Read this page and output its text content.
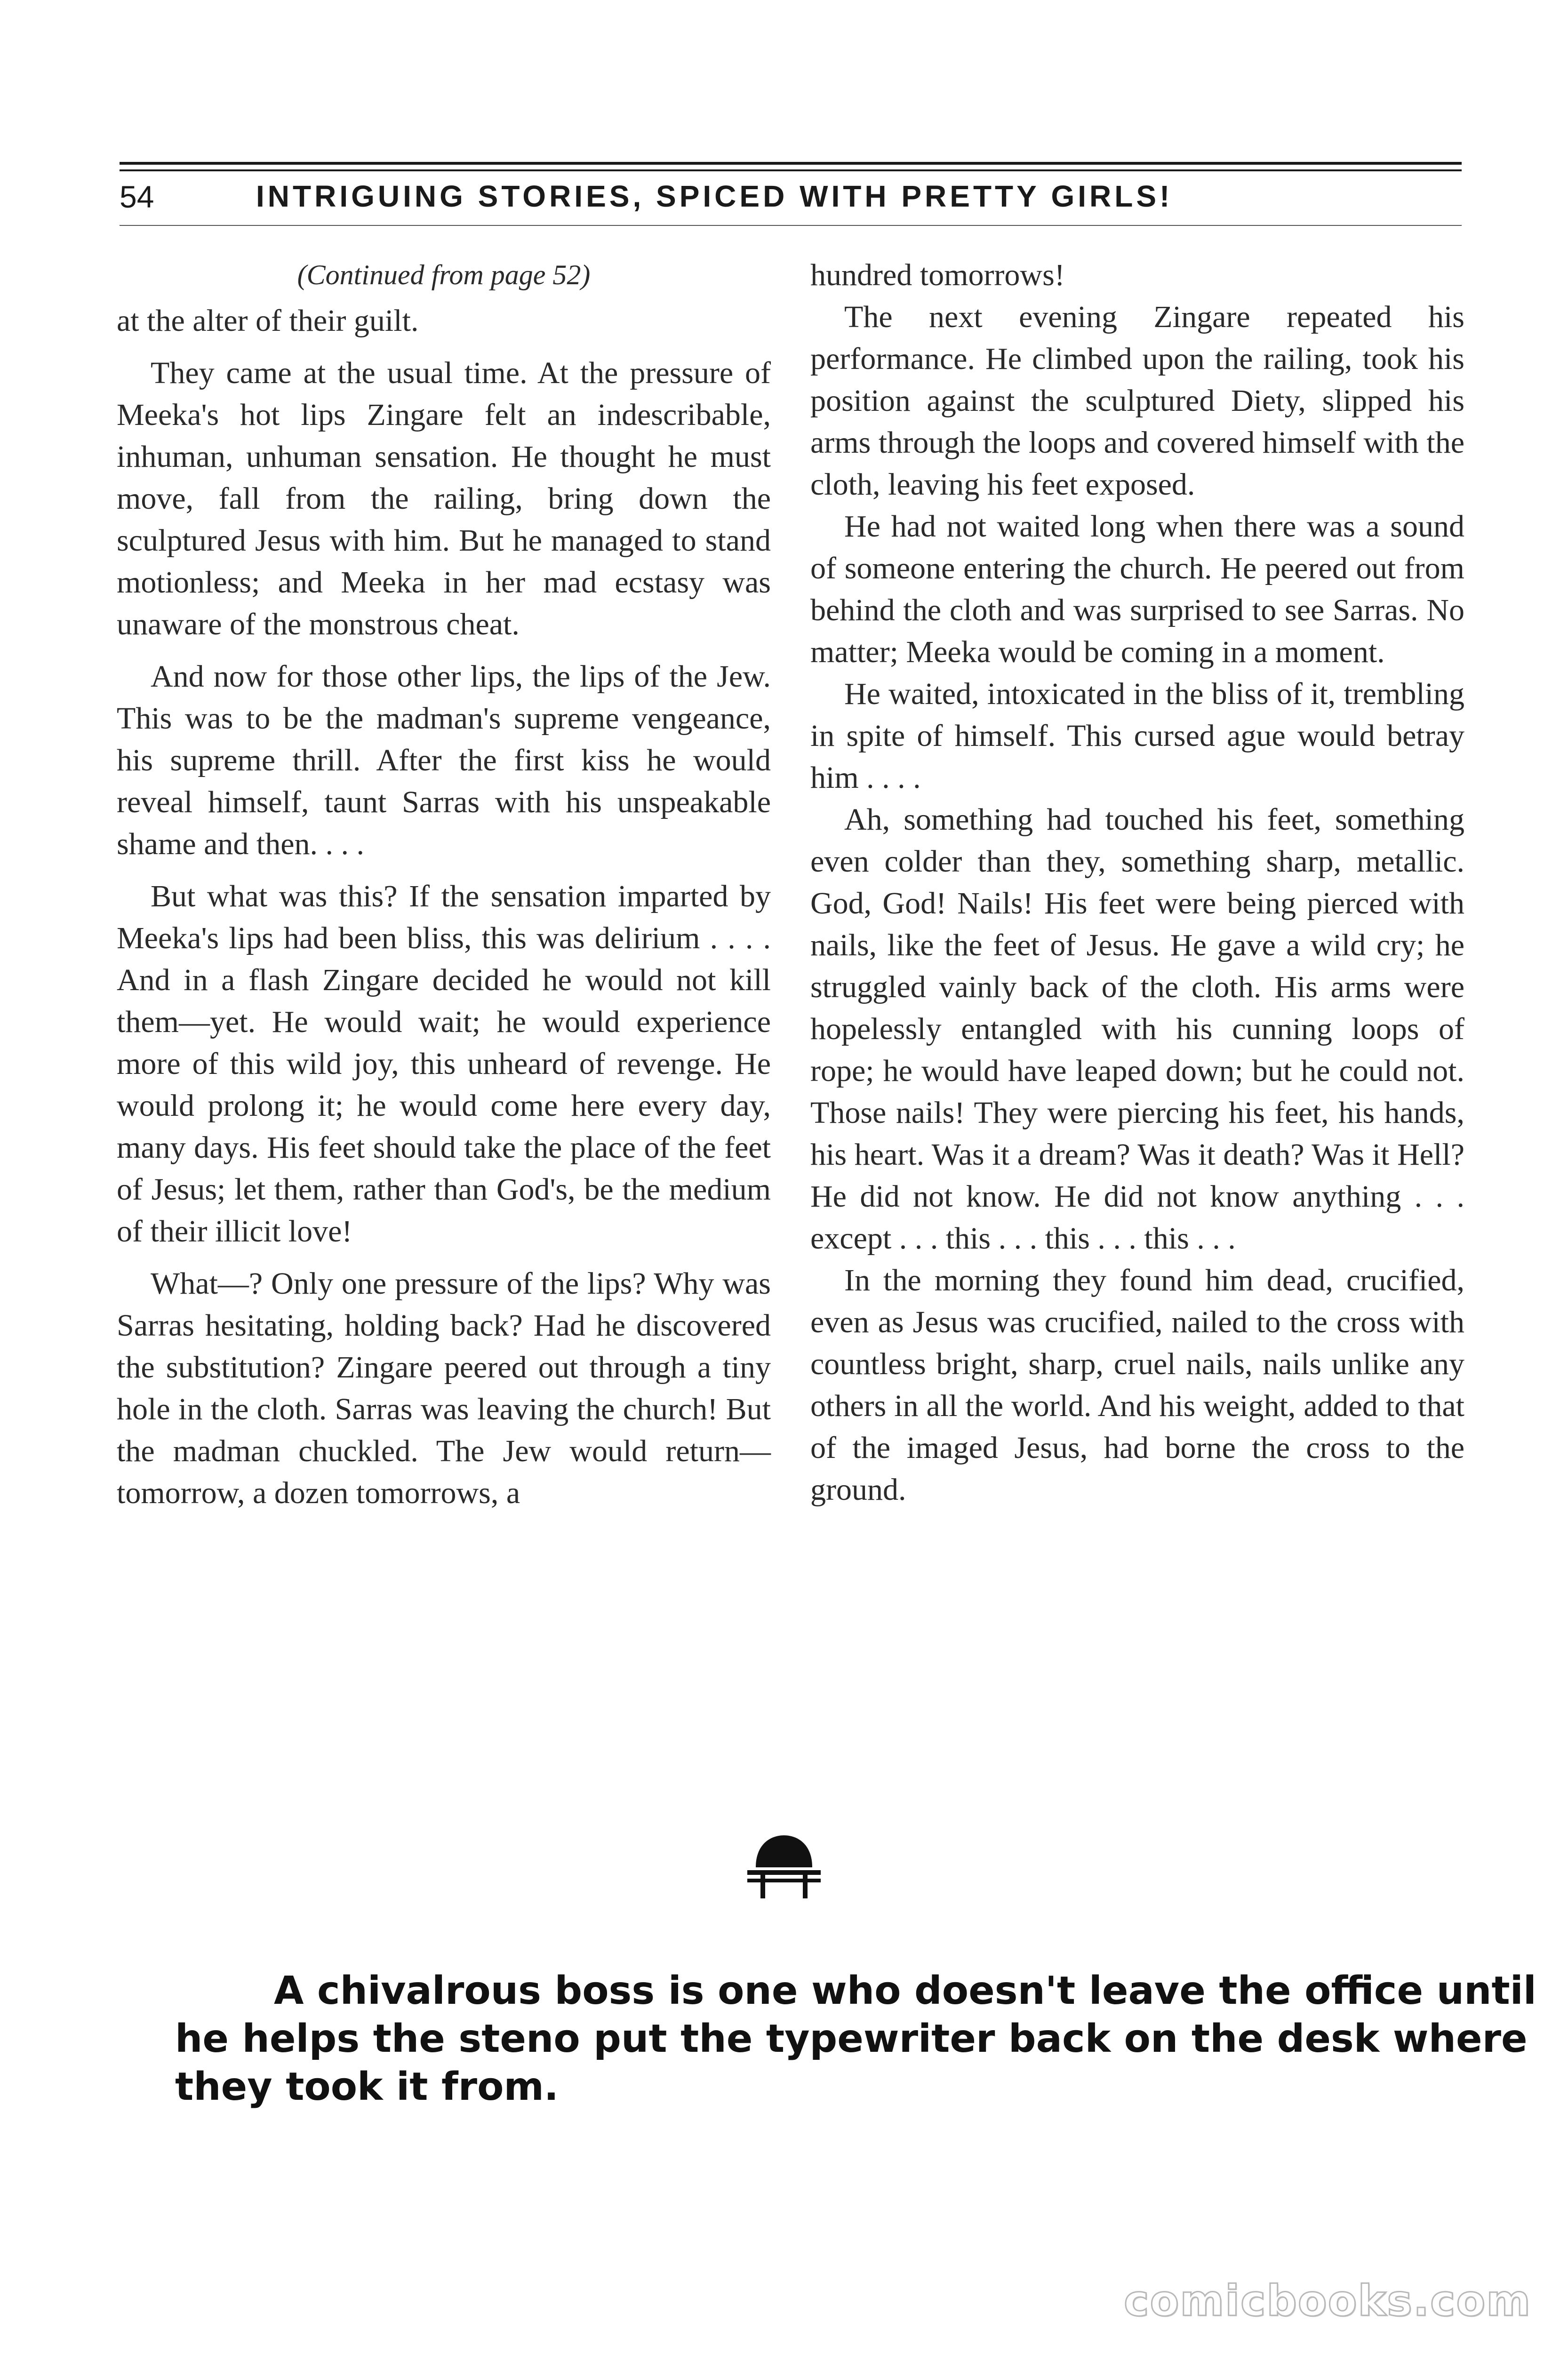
54	INTRIGUING STORIES, SPICED WITH PRETTY GIRLS!
(Continued from page 52)

at the alter of their guilt.

They came at the usual time. At the pressure of Meeka's hot lips Zingare felt an indescribable, inhuman, unhuman sensation. He thought he must move, fall from the railing, bring down the sculptured Jesus with him. But he managed to stand motionless; and Meeka in her mad ecstasy was unaware of the monstrous cheat.

And now for those other lips, the lips of the Jew. This was to be the madman's supreme vengeance, his supreme thrill. After the first kiss he would reveal himself, taunt Sarras with his unspeakable shame and then. . . .

But what was this? If the sensation imparted by Meeka's lips had been bliss, this was delirium . . . . And in a flash Zingare decided he would not kill them—yet. He would wait; he would experience more of this wild joy, this unheard of revenge. He would prolong it; he would come here every day, many days. His feet should take the place of the feet of Jesus; let them, rather than God's, be the medium of their illicit love!

What—? Only one pressure of the lips? Why was Sarras hesitating, holding back? Had he discovered the substitution? Zingare peered out through a tiny hole in the cloth. Sarras was leaving the church! But the madman chuckled. The Jew would return—tomorrow, a dozen tomorrows, a

hundred tomorrows!

The next evening Zingare repeated his performance. He climbed upon the railing, took his position against the sculptured Diety, slipped his arms through the loops and covered himself with the cloth, leaving his feet exposed.

He had not waited long when there was a sound of someone entering the church. He peered out from behind the cloth and was surprised to see Sarras. No matter; Meeka would be coming in a moment.

He waited, intoxicated in the bliss of it, trembling in spite of himself. This cursed ague would betray him . . . .

Ah, something had touched his feet, something even colder than they, something sharp, metallic. God, God! Nails! His feet were being pierced with nails, like the feet of Jesus. He gave a wild cry; he struggled vainly back of the cloth. His arms were hopelessly entangled with his cunning loops of rope; he would have leaped down; but he could not. Those nails! They were piercing his feet, his hands, his heart. Was it a dream? Was it death? Was it Hell? He did not know. He did not know anything . . . except . . . this . . . this . . . this . . .

In the morning they found him dead, crucified, even as Jesus was crucified, nailed to the cross with countless bright, sharp, cruel nails, nails unlike any others in all the world. And his weight, added to that of the imaged Jesus, had borne the cross to the ground.

A chivalrous boss is one who doesn't leave the office until
he helps the steno put the typewriter back on the desk where
they took it from.
comicbooks.com
